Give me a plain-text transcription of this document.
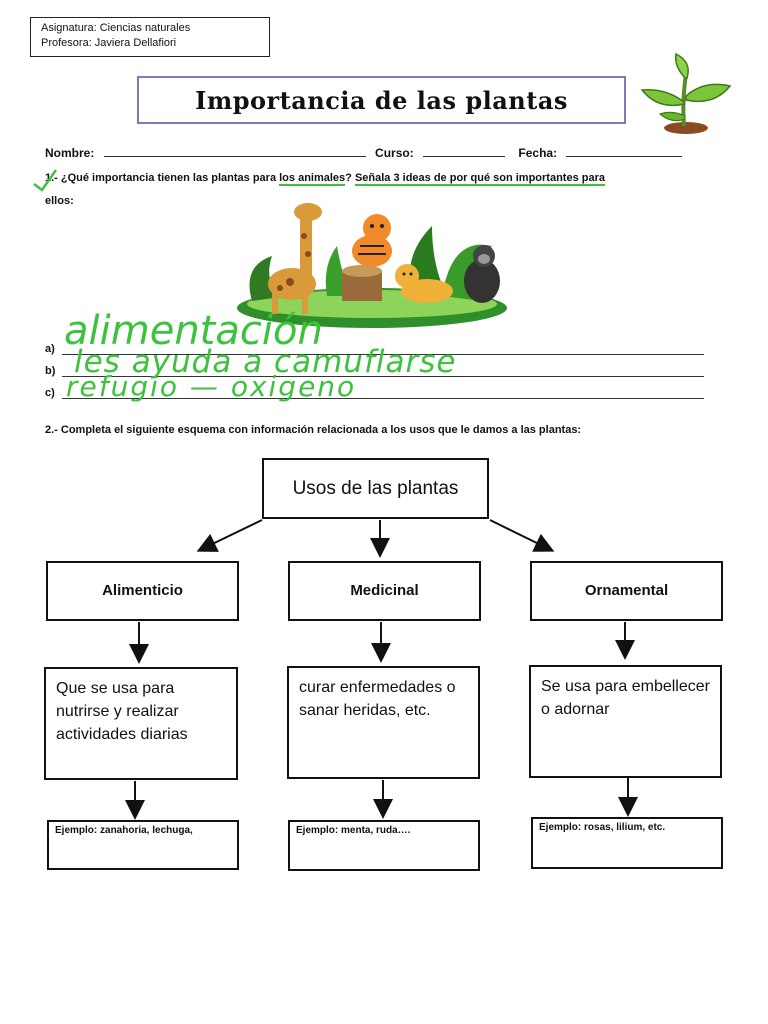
Asignatura: Ciencias naturales
Profesora: Javiera Dellafiori
Importancia de las plantas
Nombre:	Curso:	Fecha:
1.- ¿Qué importancia tienen las plantas para los animales? Señala 3 ideas de por qué son importantes para
ellos:
a) alimentación
b) les ayuda a camuflarse
c) refugio — oxigeno
2.- Completa el siguiente esquema con información relacionada a los usos que le damos a las plantas:
Usos de las plantas
Alimenticio	Medicinal	Ornamental
Que se usa para nutrirse y realizar actividades diarias
curar enfermedades o sanar heridas, etc.
Se usa para embellecer o adornar
Ejemplo: zanahoria, lechuga,	Ejemplo: menta, ruda….	Ejemplo: rosas, lilium, etc.
